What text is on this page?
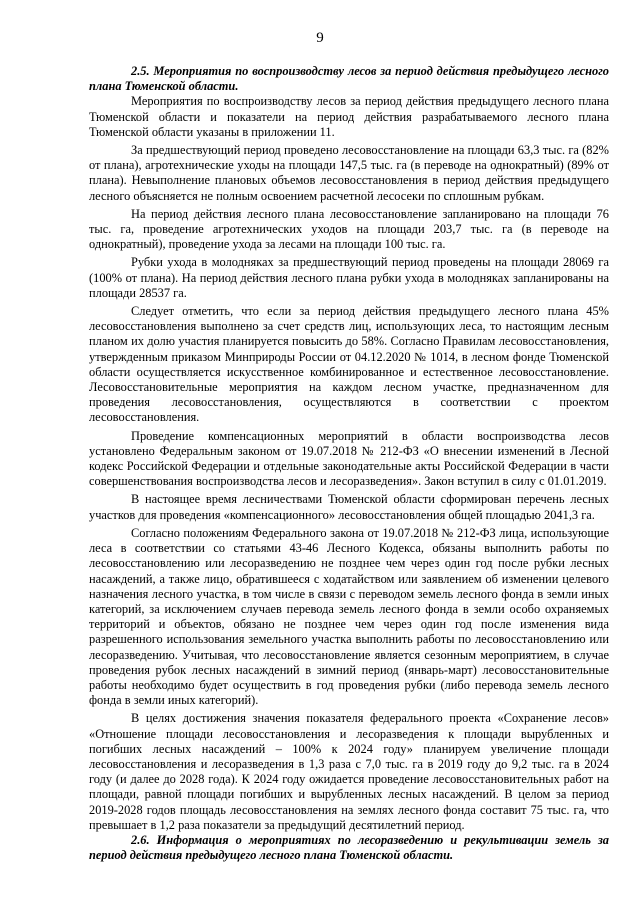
9

2.5. Мероприятия по воспроизводству лесов за период действия предыдущего лесного плана Тюменской области.

Мероприятия по воспроизводству лесов за период действия предыдущего лесного плана Тюменской области и показатели на период действия разрабатываемого лесного плана Тюменской области указаны в приложении 11.

За предшествующий период проведено лесовосстановление на площади 63,3 тыс. га (82% от плана), агротехнические уходы на площади 147,5 тыс. га (в переводе на однократный) (89% от плана). Невыполнение плановых объемов лесовосстановления в период действия предыдущего лесного объясняется не полным освоением расчетной лесосеки по сплошным рубкам.

На период действия лесного плана лесовосстановление запланировано на площади 76 тыс. га, проведение агротехнических уходов на площади 203,7 тыс. га (в переводе на однократный), проведение ухода за лесами на площади 100 тыс. га.

Рубки ухода в молодняках за предшествующий период проведены на площади 28069 га (100% от плана). На период действия лесного плана рубки ухода в молодняках запланированы на площади 28537 га.

Следует отметить, что если за период действия предыдущего лесного плана 45% лесовосстановления выполнено за счет средств лиц, использующих леса, то настоящим лесным планом их долю участия планируется повысить до 58%. Согласно Правилам лесовосстановления, утвержденным приказом Минприроды России от 04.12.2020 № 1014, в лесном фонде Тюменской области осуществляется искусственное комбинированное и естественное лесовосстановление. Лесовосстановительные мероприятия на каждом лесном участке, предназначенном для проведения лесовосстановления, осуществляются в соответствии с проектом лесовосстановления.

Проведение компенсационных мероприятий в области воспроизводства лесов установлено Федеральным законом от 19.07.2018 № 212-ФЗ «О внесении изменений в Лесной кодекс Российской Федерации и отдельные законодательные акты Российской Федерации в части совершенствования воспроизводства лесов и лесоразведения». Закон вступил в силу с 01.01.2019.

В настоящее время лесничествами Тюменской области сформирован перечень лесных участков для проведения «компенсационного» лесовосстановления общей площадью 2041,3 га.

Согласно положениям Федерального закона от 19.07.2018 № 212-ФЗ лица, использующие леса в соответствии со статьями 43-46 Лесного Кодекса, обязаны выполнить работы по лесовосстановлению или лесоразведению не позднее чем через один год после рубки лесных насаждений, а также лицо, обратившееся с ходатайством или заявлением об изменении целевого назначения лесного участка, в том числе в связи с переводом земель лесного фонда в земли иных категорий, за исключением случаев перевода земель лесного фонда в земли особо охраняемых территорий и объектов, обязано не позднее чем через один год после изменения вида разрешенного использования земельного участка выполнить работы по лесовосстановлению или лесоразведению. Учитывая, что лесовосстановление является сезонным мероприятием, в случае проведения рубок лесных насаждений в зимний период (январь-март) лесовосстановительные работы необходимо будет осуществить в год проведения рубки (либо перевода земель лесного фонда в земли иных категорий).

В целях достижения значения показателя федерального проекта «Сохранение лесов» «Отношение площади лесовосстановления и лесоразведения к площади вырубленных и погибших лесных насаждений – 100% к 2024 году» планируем увеличение площади лесовосстановления и лесоразведения в 1,3 раза с 7,0 тыс. га в 2019 году до 9,2 тыс. га в 2024 году (и далее до 2028 года). К 2024 году ожидается проведение лесовосстановительных работ на площади, равной площади погибших и вырубленных лесных насаждений. В целом за период 2019-2028 годов площадь лесовосстановления на землях лесного фонда составит 75 тыс. га, что превышает в 1,2 раза показатели за предыдущий десятилетний период.

2.6. Информация о мероприятиях по лесоразведению и рекультивации земель за период действия предыдущего лесного плана Тюменской области.
